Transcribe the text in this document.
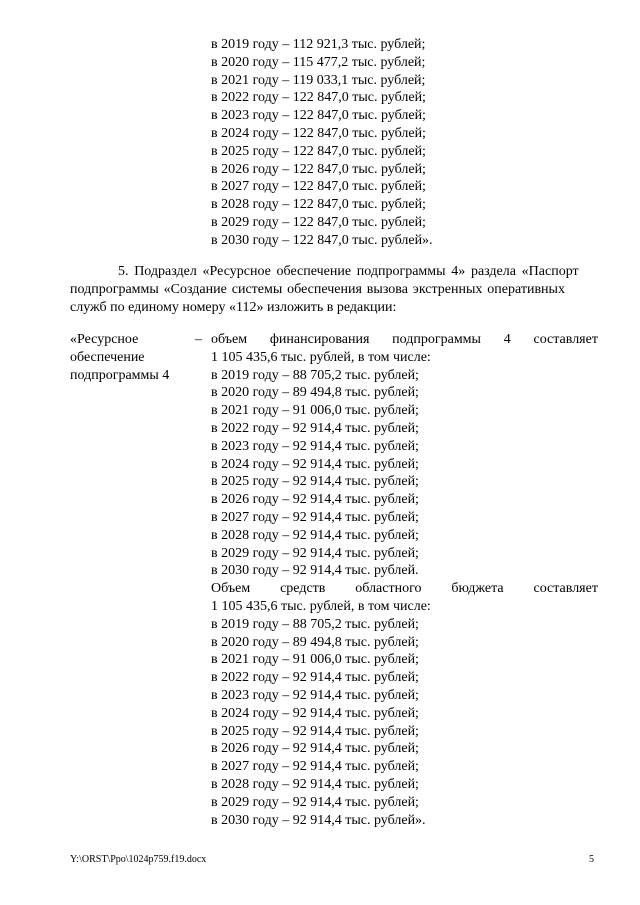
в 2019 году – 112 921,3 тыс. рублей;
в 2020 году – 115 477,2 тыс. рублей;
в 2021 году – 119 033,1 тыс. рублей;
в 2022 году – 122 847,0 тыс. рублей;
в 2023 году – 122 847,0 тыс. рублей;
в 2024 году – 122 847,0 тыс. рублей;
в 2025 году – 122 847,0 тыс. рублей;
в 2026 году – 122 847,0 тыс. рублей;
в 2027 году – 122 847,0 тыс. рублей;
в 2028 году – 122 847,0 тыс. рублей;
в 2029 году – 122 847,0 тыс. рублей;
в 2030 году – 122 847,0 тыс. рублей».
5. Подраздел «Ресурсное обеспечение подпрограммы 4» раздела «Паспорт
подпрограммы «Создание системы обеспечения вызова экстренных оперативных
служб по единому номеру «112» изложить в редакции:
«Ресурсное
обеспечение
подпрограммы 4
– объем финансирования подпрограммы 4 составляет
1 105 435,6 тыс. рублей, в том числе:
в 2019 году – 88 705,2 тыс. рублей;
в 2020 году – 89 494,8 тыс. рублей;
в 2021 году – 91 006,0 тыс. рублей;
в 2022 году – 92 914,4 тыс. рублей;
в 2023 году – 92 914,4 тыс. рублей;
в 2024 году – 92 914,4 тыс. рублей;
в 2025 году – 92 914,4 тыс. рублей;
в 2026 году – 92 914,4 тыс. рублей;
в 2027 году – 92 914,4 тыс. рублей;
в 2028 году – 92 914,4 тыс. рублей;
в 2029 году – 92 914,4 тыс. рублей;
в 2030 году – 92 914,4 тыс. рублей.
Объем средств областного бюджета составляет
1 105 435,6 тыс. рублей, в том числе:
в 2019 году – 88 705,2 тыс. рублей;
в 2020 году – 89 494,8 тыс. рублей;
в 2021 году – 91 006,0 тыс. рублей;
в 2022 году – 92 914,4 тыс. рублей;
в 2023 году – 92 914,4 тыс. рублей;
в 2024 году – 92 914,4 тыс. рублей;
в 2025 году – 92 914,4 тыс. рублей;
в 2026 году – 92 914,4 тыс. рублей;
в 2027 году – 92 914,4 тыс. рублей;
в 2028 году – 92 914,4 тыс. рублей;
в 2029 году – 92 914,4 тыс. рублей;
в 2030 году – 92 914,4 тыс. рублей».
Y:\ORST\Ppo\1024p759.f19.docx	5
